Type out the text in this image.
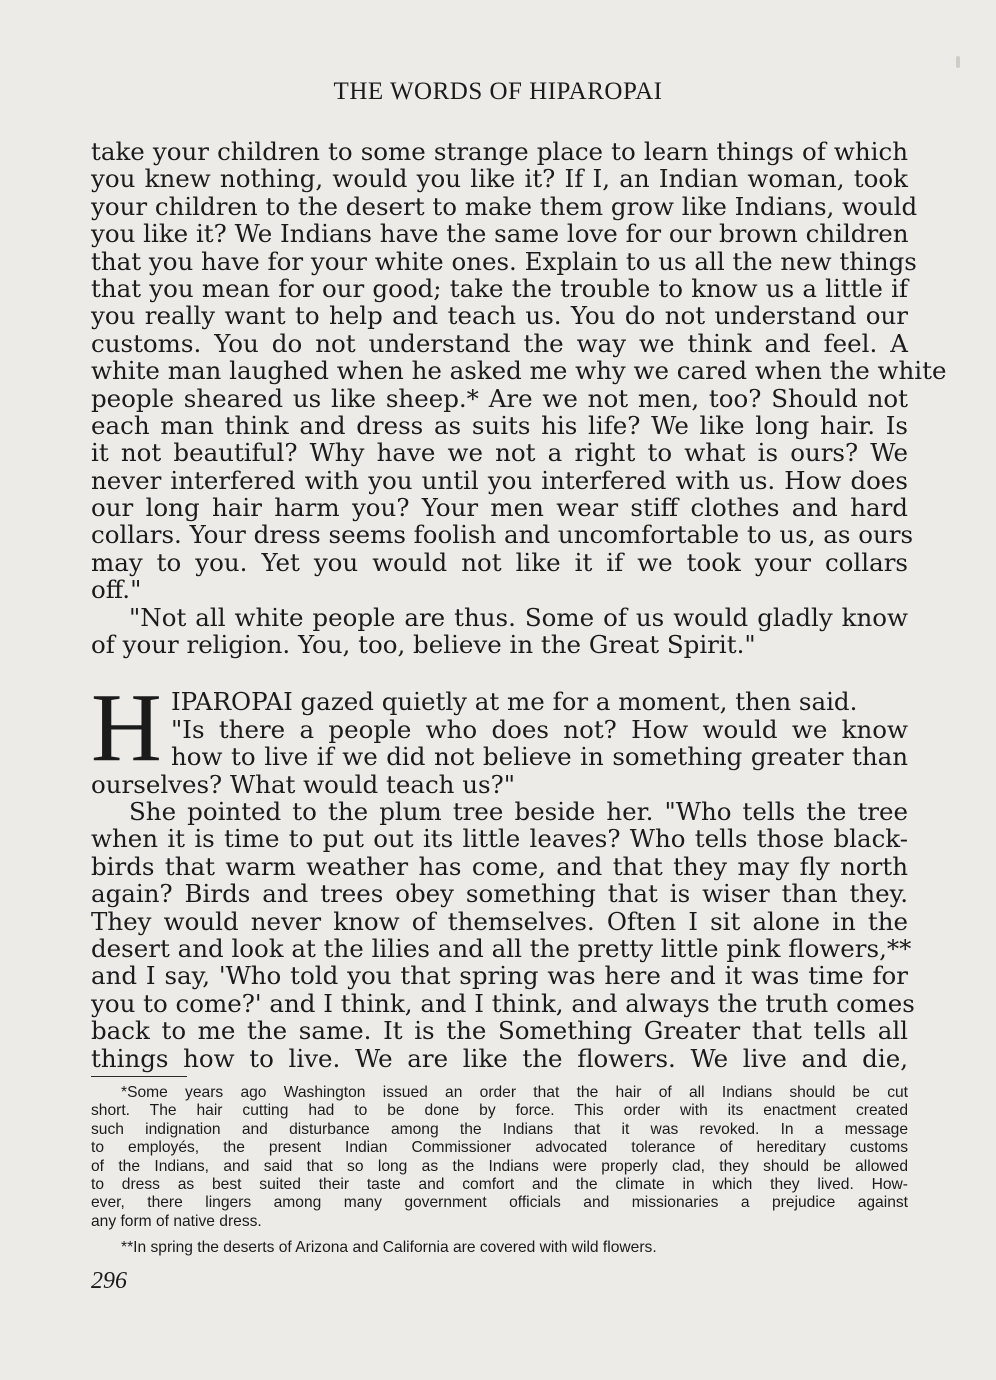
THE WORDS OF HIPAROPAI
take your children to some strange place to learn things of which
you knew nothing, would you like it? If I, an Indian woman, took
your children to the desert to make them grow like Indians, would
you like it? We Indians have the same love for our brown children
that you have for your white ones. Explain to us all the new things
that you mean for our good; take the trouble to know us a little if
you really want to help and teach us. You do not understand our
customs. You do not understand the way we think and feel. A
white man laughed when he asked me why we cared when the white
people sheared us like sheep.* Are we not men, too? Should not
each man think and dress as suits his life? We like long hair. Is
it not beautiful? Why have we not a right to what is ours? We
never interfered with you until you interfered with us. How does
our long hair harm you? Your men wear stiff clothes and hard
collars. Your dress seems foolish and uncomfortable to us, as ours
may to you. Yet you would not like it if we took your collars
off."
"Not all white people are thus. Some of us would gladly know
of your religion. You, too, believe in the Great Spirit."
IPAROPAI gazed quietly at me for a moment, then said.
"Is there a people who does not? How would we know
how to live if we did not believe in something greater than
ourselves? What would teach us?"
She pointed to the plum tree beside her. "Who tells the tree
when it is time to put out its little leaves? Who tells those black-
birds that warm weather has come, and that they may fly north
again? Birds and trees obey something that is wiser than they.
They would never know of themselves. Often I sit alone in the
desert and look at the lilies and all the pretty little pink flowers,**
and I say, 'Who told you that spring was here and it was time for
you to come?' and I think, and I think, and always the truth comes
back to me the same. It is the Something Greater that tells all
things how to live. We are like the flowers. We live and die,
H
*Some years ago Washington issued an order that the hair of all Indians should be cut
short. The hair cutting had to be done by force. This order with its enactment created
such indignation and disturbance among the Indians that it was revoked. In a message
to employés, the present Indian Commissioner advocated tolerance of hereditary customs
of the Indians, and said that so long as the Indians were properly clad, they should be allowed
to dress as best suited their taste and comfort and the climate in which they lived. How-
ever, there lingers among many government officials and missionaries a prejudice against
any form of native dress.
**In spring the deserts of Arizona and California are covered with wild flowers.
296
